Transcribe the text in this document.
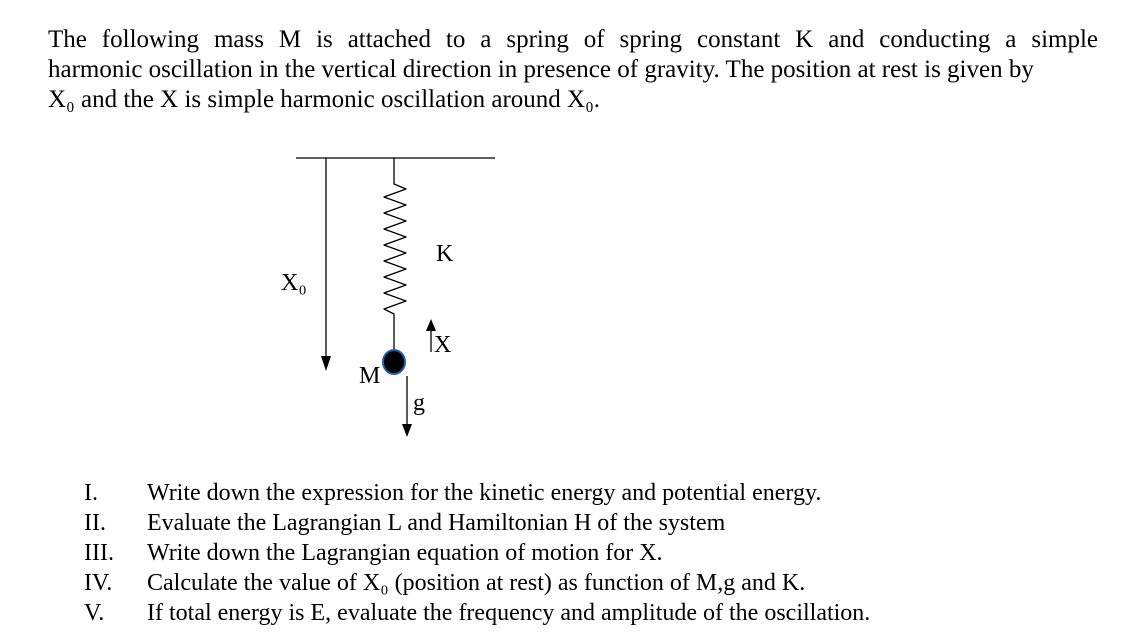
The following mass M is attached to a spring of spring constant K and conducting a simple
harmonic oscillation in the vertical direction in presence of gravity. The position at rest is given by
X₀ and the X is simple harmonic oscillation around X₀.
X₀
K
X
M
g
I.	Write down the expression for the kinetic energy and potential energy.
II.	Evaluate the Lagrangian L and Hamiltonian H of the system
III.	Write down the Lagrangian equation of motion for X.
IV.	Calculate the value of X₀ (position at rest) as function of M,g and K.
V.	If total energy is E, evaluate the frequency and amplitude of the oscillation.
